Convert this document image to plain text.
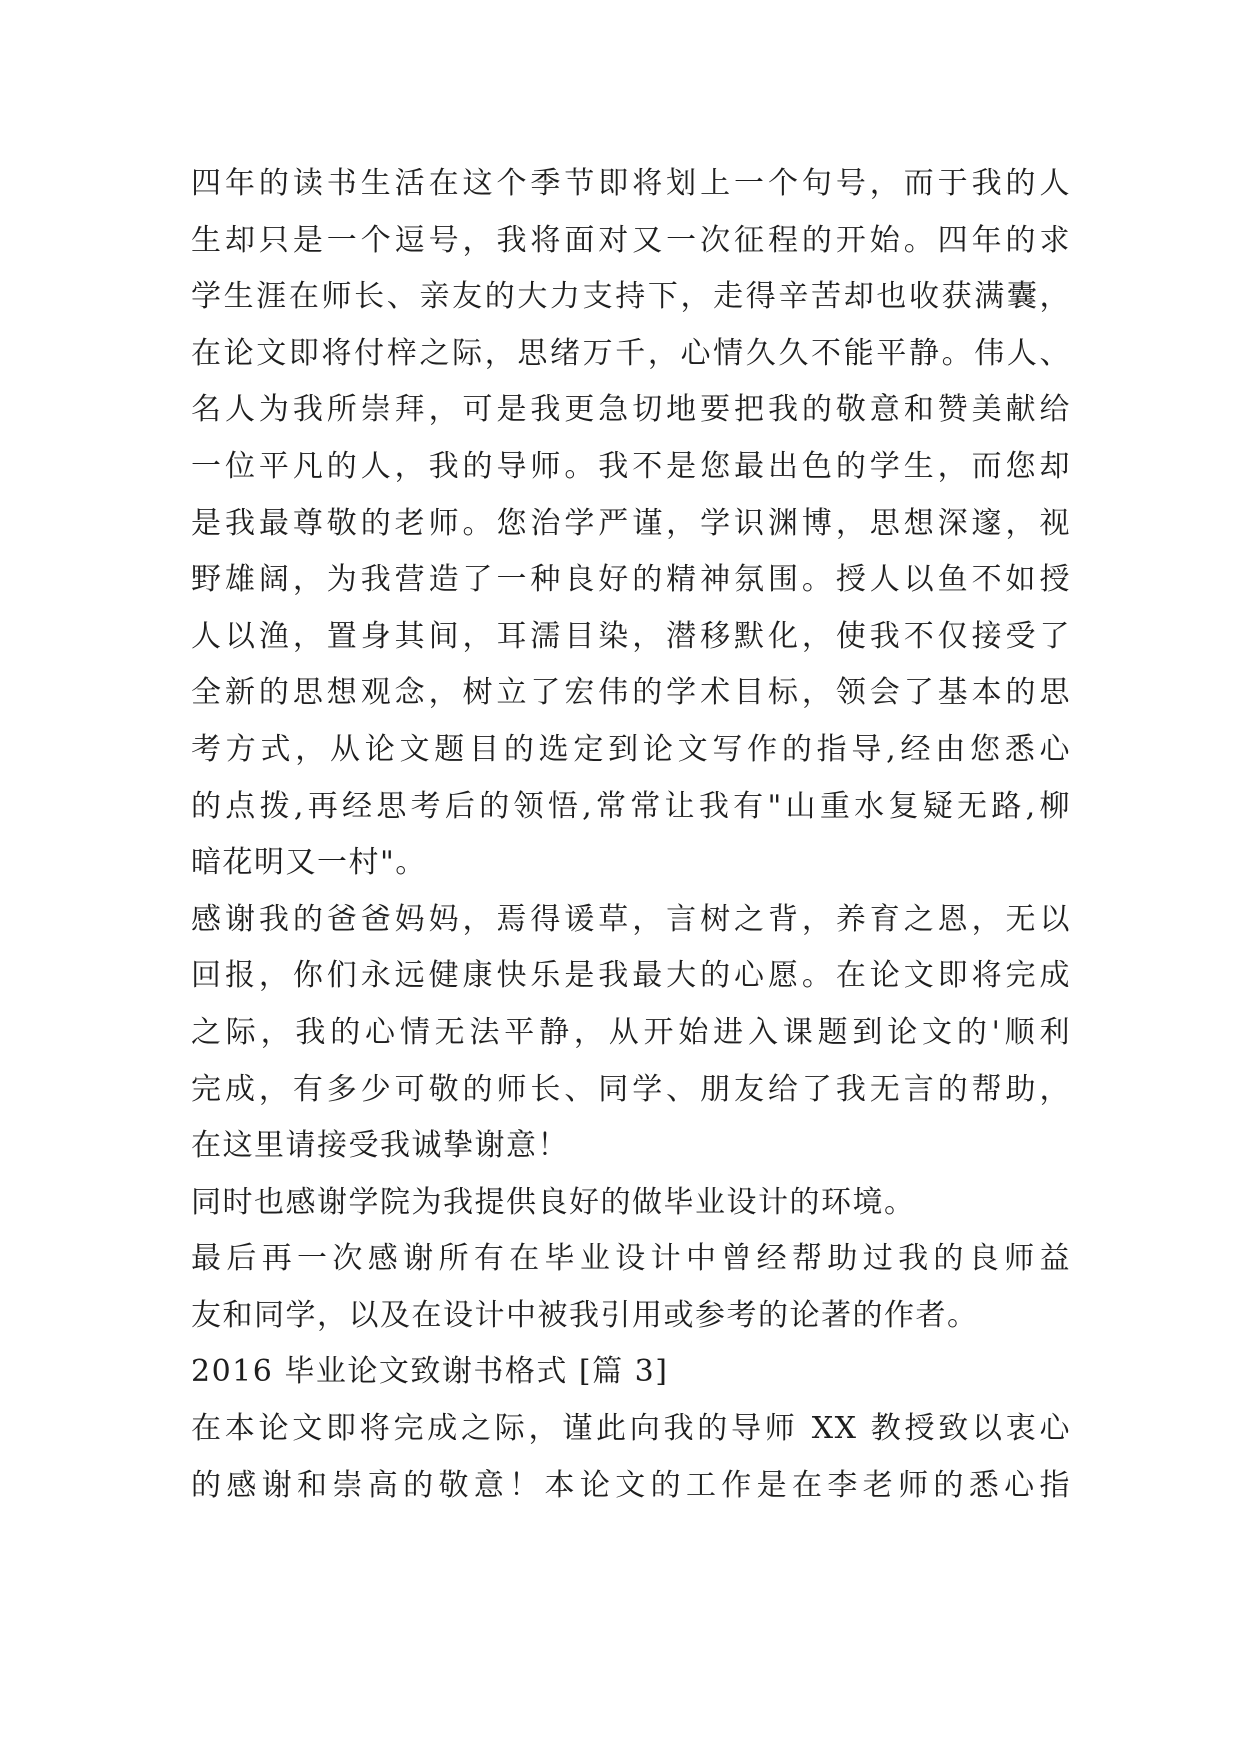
四年的读书生活在这个季节即将划上一个句号，而于我的人
生却只是一个逗号，我将面对又一次征程的开始。四年的求
学生涯在师长、亲友的大力支持下，走得辛苦却也收获满囊，
在论文即将付梓之际，思绪万千，心情久久不能平静。伟人、
名人为我所崇拜，可是我更急切地要把我的敬意和赞美献给
一位平凡的人，我的导师。我不是您最出色的学生，而您却
是我最尊敬的老师。您治学严谨，学识渊博，思想深邃，视
野雄阔，为我营造了一种良好的精神氛围。授人以鱼不如授
人以渔，置身其间，耳濡目染，潜移默化，使我不仅接受了
全新的思想观念，树立了宏伟的学术目标，领会了基本的思
考方式，从论文题目的选定到论文写作的指导,经由您悉心
的点拨,再经思考后的领悟,常常让我有"山重水复疑无路,柳
暗花明又一村"。
感谢我的爸爸妈妈，焉得谖草，言树之背，养育之恩，无以
回报，你们永远健康快乐是我最大的心愿。在论文即将完成
之际，我的心情无法平静，从开始进入课题到论文的'顺利
完成，有多少可敬的师长、同学、朋友给了我无言的帮助，
在这里请接受我诚挚谢意！
同时也感谢学院为我提供良好的做毕业设计的环境。
最后再一次感谢所有在毕业设计中曾经帮助过我的良师益
友和同学，以及在设计中被我引用或参考的论著的作者。
2016 毕业论文致谢书格式 [篇 3]
在本论文即将完成之际，谨此向我的导师 XX 教授致以衷心
的感谢和崇高的敬意！本论文的工作是在李老师的悉心指
